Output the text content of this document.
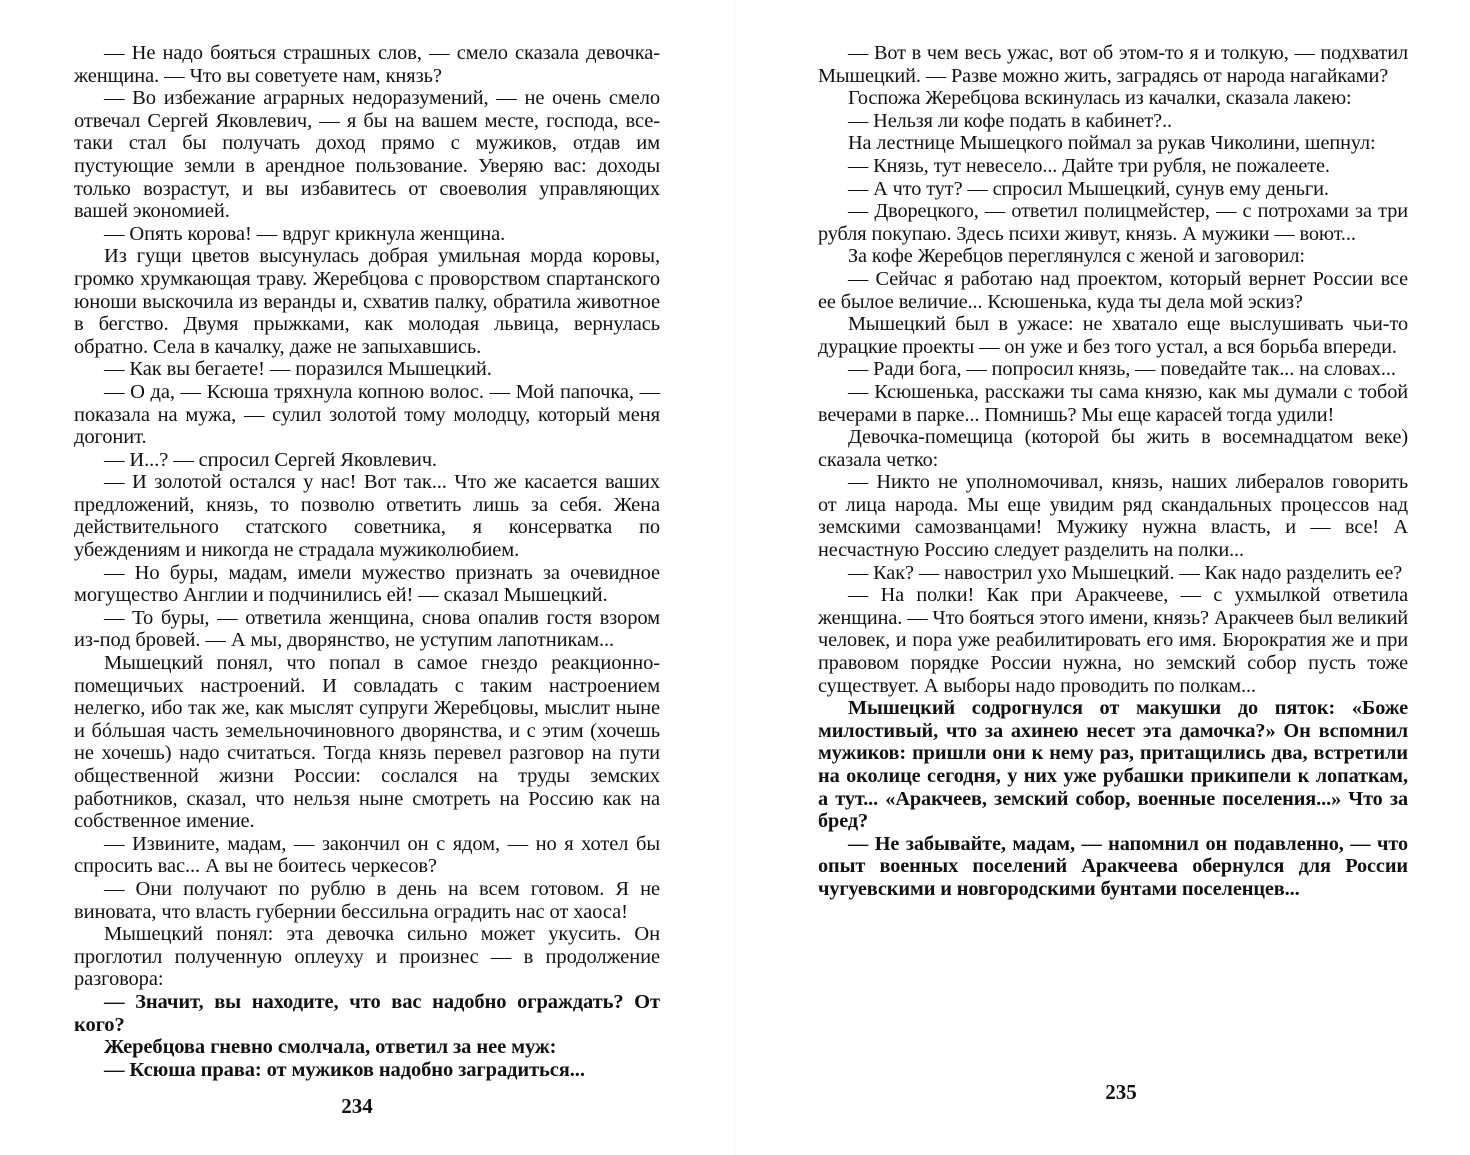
— Не надо бояться страшных слов, — смело сказала девочка-женщина. — Что вы советуете нам, князь?

— Во избежание аграрных недоразумений, — не очень смело отвечал Сергей Яковлевич, — я бы на вашем месте, господа, все-таки стал бы получать доход прямо с мужиков, отдав им пустующие земли в арендное пользование. Уверяю вас: доходы только возрастут, и вы избавитесь от своеволия управляющих вашей экономией.

— Опять корова! — вдруг крикнула женщина.

Из гущи цветов высунулась добрая умильная морда коровы, громко хрумкающая траву. Жеребцова с проворством спартанского юноши выскочила из веранды и, схватив палку, обратила животное в бегство. Двумя прыжками, как молодая львица, вернулась обратно. Села в качалку, даже не запыхавшись.

— Как вы бегаете! — поразился Мышецкий.

— О да, — Ксюша тряхнула копною волос. — Мой папочка, — показала на мужа, — сулил золотой тому молодцу, который меня догонит.

— И...? — спросил Сергей Яковлевич.

— И золотой остался у нас! Вот так... Что же касается ваших предложений, князь, то позволю ответить лишь за себя. Жена действительного статского советника, я консерватка по убеждениям и никогда не страдала мужиколюбием.

— Но буры, мадам, имели мужество признать за очевидное могущество Англии и подчинились ей! — сказал Мышецкий.

— То буры, — ответила женщина, снова опалив гостя взором из-под бровей. — А мы, дворянство, не уступим лапотникам...

Мышецкий понял, что попал в самое гнездо реакционно-помещичьих настроений. И совладать с таким настроением нелегко, ибо так же, как мыслят супруги Жеребцовы, мыслит ныне и бóльшая часть земельночиновного дворянства, и с этим (хочешь не хочешь) надо считаться. Тогда князь перевел разговор на пути общественной жизни России: сослался на труды земских работников, сказал, что нельзя ныне смотреть на Россию как на собственное имение.

— Извините, мадам, — закончил он с ядом, — но я хотел бы спросить вас... А вы не боитесь черкесов?

— Они получают по рублю в день на всем готовом. Я не виновата, что власть губернии бессильна оградить нас от хаоса!

Мышецкий понял: эта девочка сильно может укусить. Он проглотил полученную оплеуху и произнес — в продолжение разговора:

— Значит, вы находите, что вас надобно ограждать? От кого?

Жеребцова гневно смолчала, ответил за нее муж:

— Ксюша права: от мужиков надобно заградиться...

234

— Вот в чем весь ужас, вот об этом-то я и толкую, — подхватил Мышецкий. — Разве можно жить, заградясь от народа нагайками?

Госпожа Жеребцова вскинулась из качалки, сказала лакею:

— Нельзя ли кофе подать в кабинет?..

На лестнице Мышецкого поймал за рукав Чиколини, шепнул:

— Князь, тут невесело... Дайте три рубля, не пожалеете.

— А что тут? — спросил Мышецкий, сунув ему деньги.

— Дворецкого, — ответил полицмейстер, — с потрохами за три рубля покупаю. Здесь психи живут, князь. А мужики — воют...

За кофе Жеребцов переглянулся с женой и заговорил:

— Сейчас я работаю над проектом, который вернет России все ее былое величие... Ксюшенька, куда ты дела мой эскиз?

Мышецкий был в ужасе: не хватало еще выслушивать чьи-то дурацкие проекты — он уже и без того устал, а вся борьба впереди.

— Ради бога, — попросил князь, — поведайте так... на словах...

— Ксюшенька, расскажи ты сама князю, как мы думали с тобой вечерами в парке... Помнишь? Мы еще карасей тогда удили!

Девочка-помещица (которой бы жить в восемнадцатом веке) сказала четко:

— Никто не уполномочивал, князь, наших либералов говорить от лица народа. Мы еще увидим ряд скандальных процессов над земскими самозванцами! Мужику нужна власть, и — все! А несчастную Россию следует разделить на полки...

— Как? — навострил ухо Мышецкий. — Как надо разделить ее?

— На полки! Как при Аракчееве, — с ухмылкой ответила женщина. — Что бояться этого имени, князь? Аракчеев был великий человек, и пора уже реабилитировать его имя. Бюрократия же и при правовом порядке России нужна, но земский собор пусть тоже существует. А выборы надо проводить по полкам...

Мышецкий содрогнулся от макушки до пяток: «Боже милостивый, что за ахинею несет эта дамочка?» Он вспомнил мужиков: пришли они к нему раз, притащились два, встретили на околице сегодня, у них уже рубашки прикипели к лопаткам, а тут... «Аракчеев, земский собор, военные поселения...» Что за бред?

— Не забывайте, мадам, — напомнил он подавленно, — что опыт военных поселений Аракчеева обернулся для России чугуевскими и новгородскими бунтами поселенцев...

235
